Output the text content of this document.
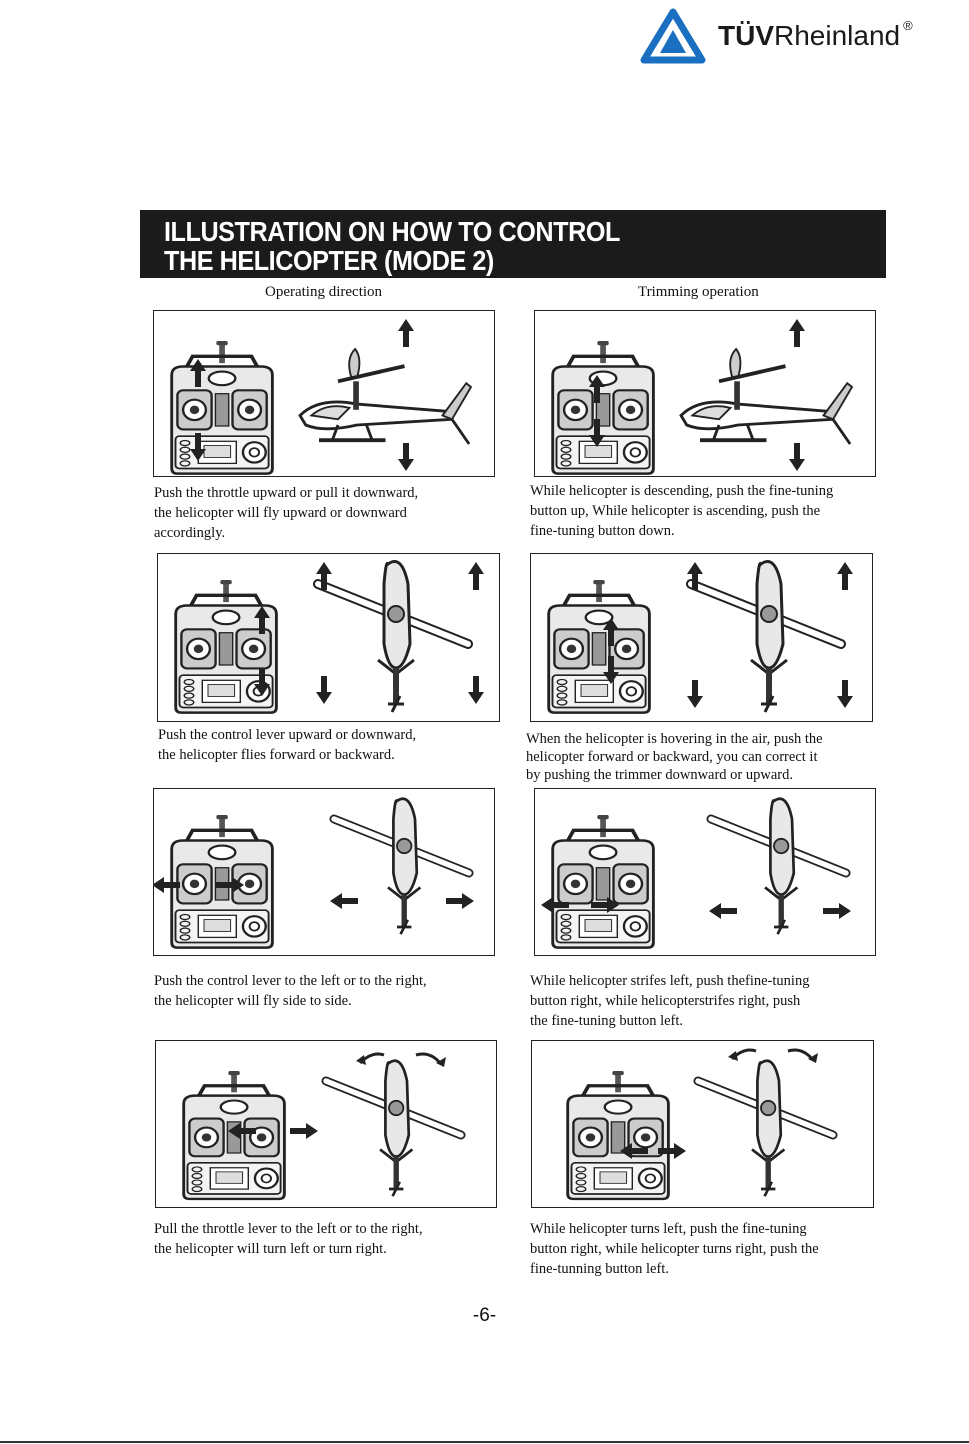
TÜVRheinland ®
ILLUSTRATION ON HOW TO CONTROL
THE HELICOPTER (MODE 2)
Operating direction	Trimming operation
Push the throttle upward or pull it downward,
the helicopter will fly upward or downward
accordingly.
While helicopter is descending, push the fine-tuning
button up, While helicopter is ascending, push the
fine-tuning button down.
Push the control lever upward or downward,
the helicopter flies forward or backward.
When the helicopter is hovering in the air, push the
helicopter forward or backward, you can correct it
by pushing the trimmer downward or upward.
Push the control lever to the left or to the right,
the helicopter will fly side to side.
While helicopter strifes left, push thefine-tuning
button right, while helicopterstrifes right, push
the fine-tuning button left.
Pull the throttle lever to the left or to the right,
the helicopter will turn left or turn right.
While helicopter turns left, push the fine-tuning
button right, while helicopter turns right, push the
fine-tunning button left.
-6-
